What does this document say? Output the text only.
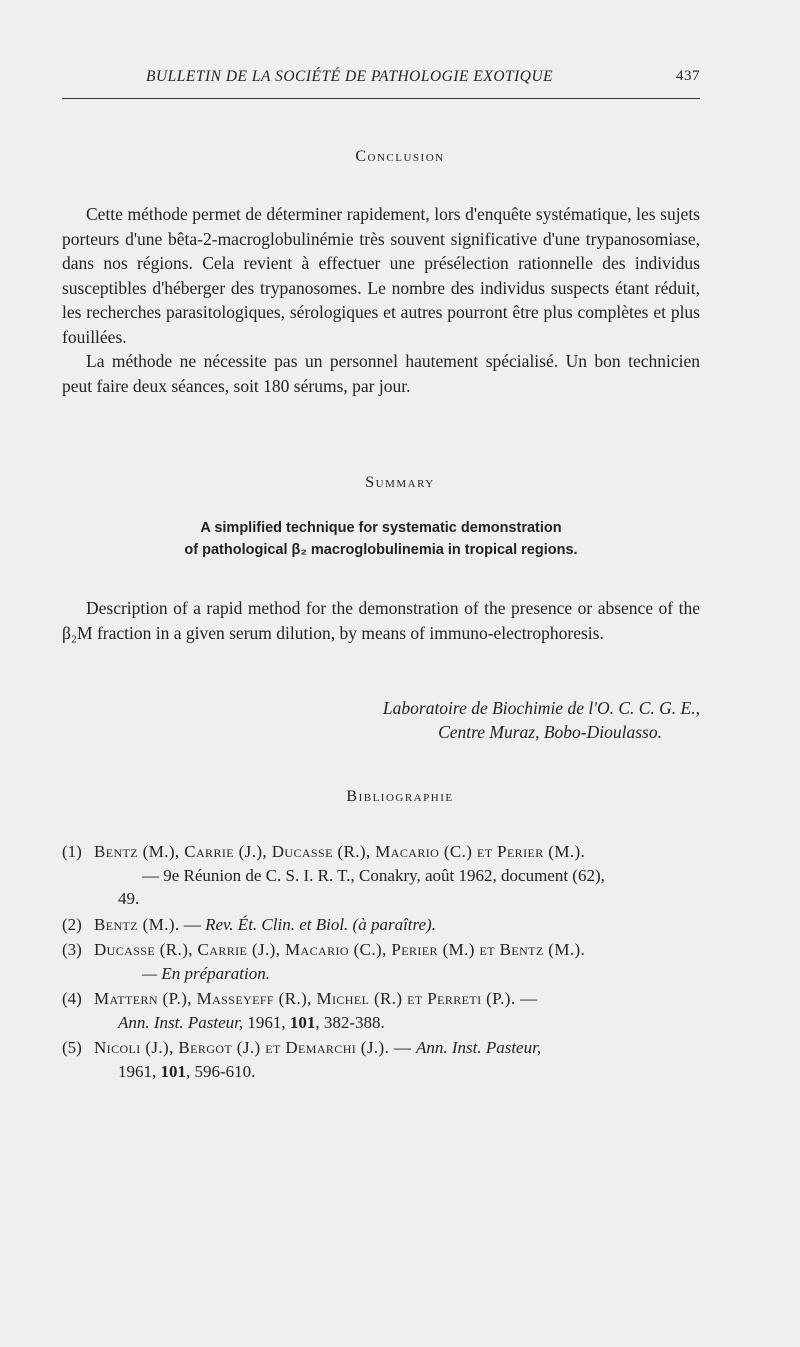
BULLETIN DE LA SOCIÉTÉ DE PATHOLOGIE EXOTIQUE	437
Conclusion

Cette méthode permet de déterminer rapidement, lors d'enquête systématique, les sujets porteurs d'une bêta-2-macroglobulinémie très souvent significative d'une trypanosomiase, dans nos régions. Cela revient à effectuer une présélection rationnelle des individus susceptibles d'héberger des trypanosomes. Le nombre des individus suspects étant réduit, les recherches parasitologiques, sérologiques et autres pourront être plus complètes et plus fouillées.

La méthode ne nécessite pas un personnel hautement spécialisé. Un bon technicien peut faire deux séances, soit 180 sérums, par jour.

Summary
A simplified technique for systematic demonstration
of pathological β₂ macroglobulinemia in tropical regions.

Description of a rapid method for the demonstration of the presence or absence of the β₂M fraction in a given serum dilution, by means of immuno-electrophoresis.

Laboratoire de Biochimie de l'O. C. C. G. E.,
Centre Muraz, Bobo-Dioulasso.
Bibliographie
(1) Bentz (M.), Carrie (J.), Ducasse (R.), Macario (C.) et Perier (M.).
— 9e Réunion de C. S. I. R. T., Conakry, août 1962, document (62),
49.
(2) Bentz (M.). — Rev. Ét. Clin. et Biol. (à paraître).
(3) Ducasse (R.), Carrie (J.), Macario (C.), Perier (M.) et Bentz (M.).
— En préparation.
(4) Mattern (P.), Masseyeff (R.), Michel (R.) et Perreti (P.). —
Ann. Inst. Pasteur, 1961, 101, 382-388.
(5) Nicoli (J.), Bergot (J.) et Demarchi (J.). — Ann. Inst. Pasteur,
1961, 101, 596-610.
